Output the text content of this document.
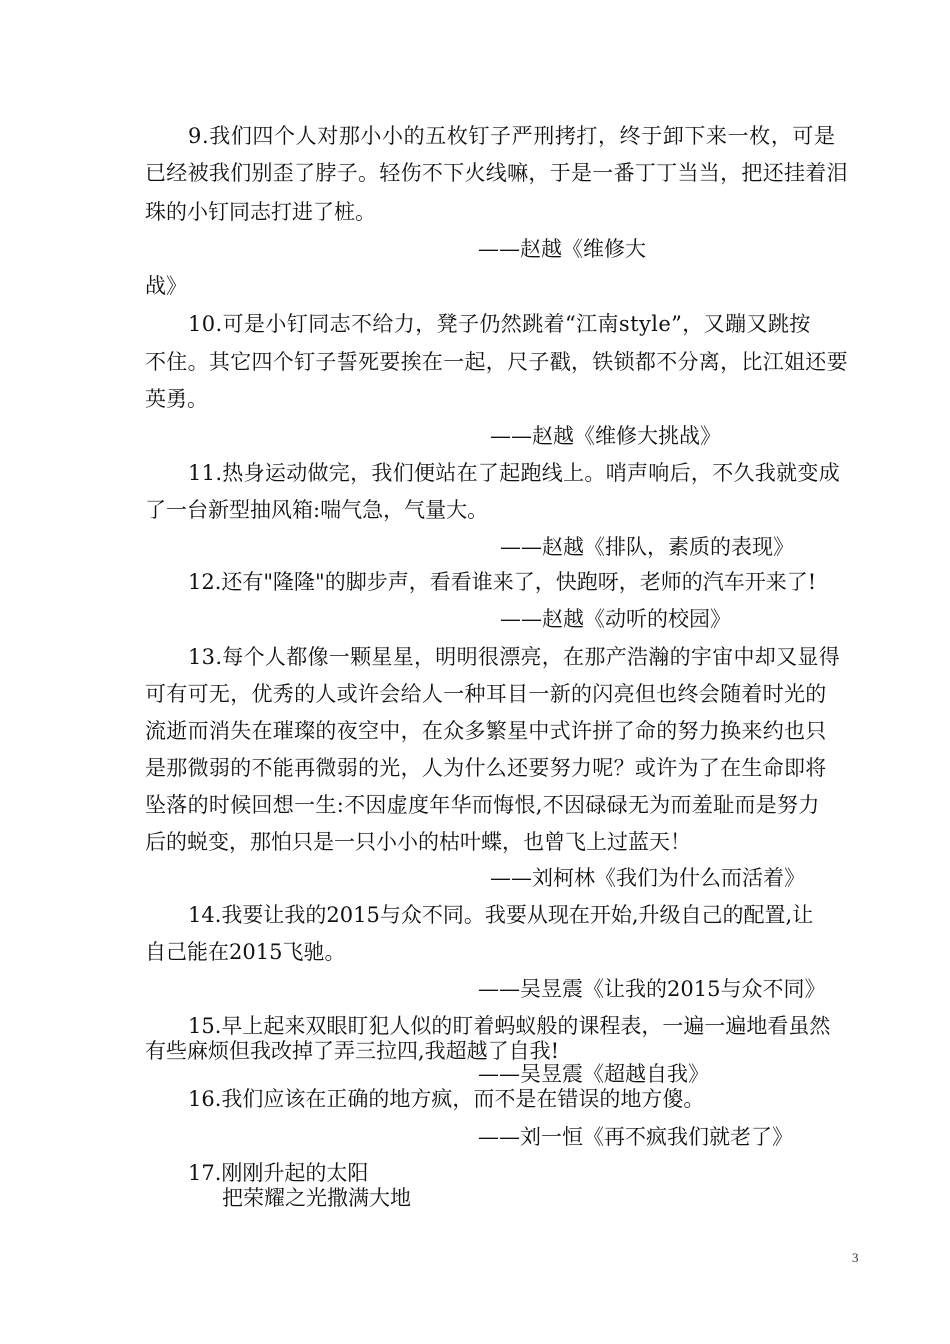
9.我们四个人对那小小的五枚钉子严刑拷打，终于卸下来一枚，可是
已经被我们别歪了脖子。轻伤不下火线嘛，于是一番丁丁当当，把还挂着泪
珠的小钉同志打进了桩。
——赵越《维修大
战》
10.可是小钉同志不给力，凳子仍然跳着“江南style”，又蹦又跳按
不住。其它四个钉子誓死要挨在一起，尺子戳，铁锁都不分离，比江姐还要
英勇。
——赵越《维修大挑战》
11.热身运动做完，我们便站在了起跑线上。哨声响后，不久我就变成
了一台新型抽风箱:喘气急，气量大。
——赵越《排队，素质的表现》
12.还有"隆隆"的脚步声，看看谁来了，快跑呀，老师的汽车开来了!
——赵越《动听的校园》
13.每个人都像一颗星星，明明很漂亮，在那产浩瀚的宇宙中却又显得
可有可无，优秀的人或许会给人一种耳目一新的闪亮但也终会随着时光的
流逝而消失在璀璨的夜空中，在众多繁星中式许拼了命的努力换来约也只
是那微弱的不能再微弱的光，人为什么还要努力呢？或许为了在生命即将
坠落的时候回想一生:不因虚度年华而悔恨,不因碌碌无为而羞耻而是努力
后的蜕变，那怕只是一只小小的枯叶蝶，也曾飞上过蓝天！
——刘柯林《我们为什么而活着》
14.我要让我的2015与众不同。我要从现在开始,升级自己的配置,让
自己能在2015飞驰。
——吴昱震《让我的2015与众不同》
15.早上起来双眼盯犯人似的盯着蚂蚁般的课程表，一遍一遍地看虽然
有些麻烦但我改掉了弄三拉四,我超越了自我!
——吴昱震《超越自我》
16.我们应该在正确的地方疯，而不是在错误的地方傻。
——刘一恒《再不疯我们就老了》
17.刚刚升起的太阳
把荣耀之光撒满大地
3
